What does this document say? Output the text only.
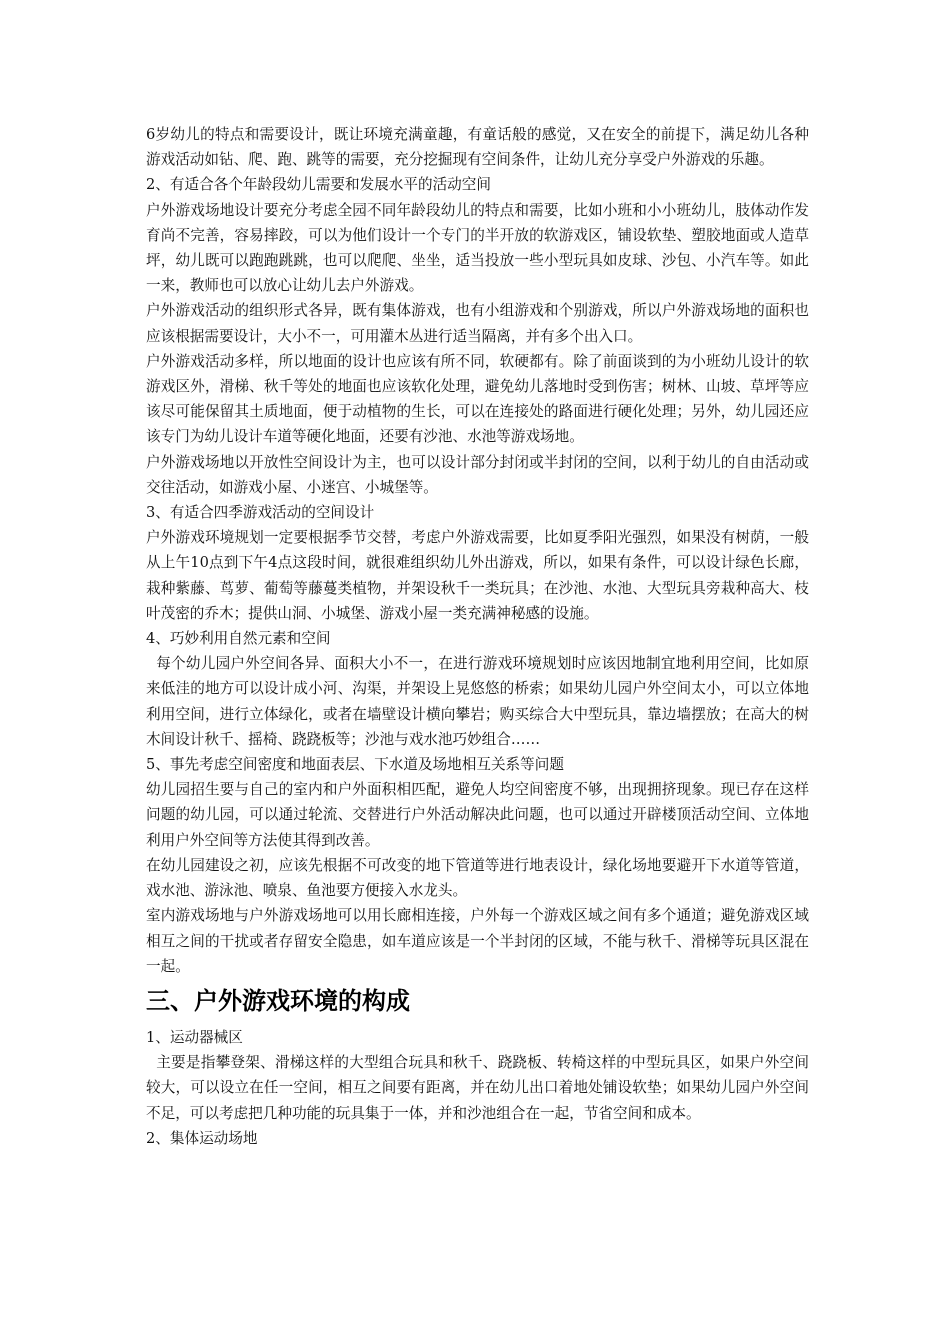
6岁幼儿的特点和需要设计，既让环境充满童趣，有童话般的感觉，又在安全的前提下，满足幼儿各种游戏活动如钻、爬、跑、跳等的需要，充分挖掘现有空间条件，让幼儿充分享受户外游戏的乐趣。

2、有适合各个年龄段幼儿需要和发展水平的活动空间

户外游戏场地设计要充分考虑全园不同年龄段幼儿的特点和需要，比如小班和小小班幼儿，肢体动作发育尚不完善，容易摔跤，可以为他们设计一个专门的半开放的软游戏区，铺设软垫、塑胶地面或人造草坪，幼儿既可以跑跑跳跳，也可以爬爬、坐坐，适当投放一些小型玩具如皮球、沙包、小汽车等。如此一来，教师也可以放心让幼儿去户外游戏。

户外游戏活动的组织形式各异，既有集体游戏，也有小组游戏和个别游戏，所以户外游戏场地的面积也应该根据需要设计，大小不一，可用灌木丛进行适当隔离，并有多个出入口。

户外游戏活动多样，所以地面的设计也应该有所不同，软硬都有。除了前面谈到的为小班幼儿设计的软游戏区外，滑梯、秋千等处的地面也应该软化处理，避免幼儿落地时受到伤害；树林、山坡、草坪等应该尽可能保留其土质地面，便于动植物的生长，可以在连接处的路面进行硬化处理；另外，幼儿园还应该专门为幼儿设计车道等硬化地面，还要有沙池、水池等游戏场地。

户外游戏场地以开放性空间设计为主，也可以设计部分封闭或半封闭的空间，以利于幼儿的自由活动或交往活动，如游戏小屋、小迷宫、小城堡等。

3、有适合四季游戏活动的空间设计

户外游戏环境规划一定要根据季节交替，考虑户外游戏需要，比如夏季阳光强烈，如果没有树荫，一般从上午10点到下午4点这段时间，就很难组织幼儿外出游戏，所以，如果有条件，可以设计绿色长廊，栽种紫藤、茑萝、葡萄等藤蔓类植物，并架设秋千一类玩具；在沙池、水池、大型玩具旁栽种高大、枝叶茂密的乔木；提供山洞、小城堡、游戏小屋一类充满神秘感的设施。

4、巧妙利用自然元素和空间

每个幼儿园户外空间各异、面积大小不一，在进行游戏环境规划时应该因地制宜地利用空间，比如原来低洼的地方可以设计成小河、沟渠，并架设上晃悠悠的桥索；如果幼儿园户外空间太小，可以立体地利用空间，进行立体绿化，或者在墙壁设计横向攀岩；购买综合大中型玩具，靠边墙摆放；在高大的树木间设计秋千、摇椅、跷跷板等；沙池与戏水池巧妙组合……

5、事先考虑空间密度和地面表层、下水道及场地相互关系等问题

幼儿园招生要与自己的室内和户外面积相匹配，避免人均空间密度不够，出现拥挤现象。现已存在这样问题的幼儿园，可以通过轮流、交替进行户外活动解决此问题，也可以通过开辟楼顶活动空间、立体地利用户外空间等方法使其得到改善。

在幼儿园建设之初，应该先根据不可改变的地下管道等进行地表设计，绿化场地要避开下水道等管道，戏水池、游泳池、喷泉、鱼池要方便接入水龙头。

室内游戏场地与户外游戏场地可以用长廊相连接，户外每一个游戏区域之间有多个通道；避免游戏区域相互之间的干扰或者存留安全隐患，如车道应该是一个半封闭的区域，不能与秋千、滑梯等玩具区混在一起。

三、户外游戏环境的构成

1、运动器械区

主要是指攀登架、滑梯这样的大型组合玩具和秋千、跷跷板、转椅这样的中型玩具区，如果户外空间较大，可以设立在任一空间，相互之间要有距离，并在幼儿出口着地处铺设软垫；如果幼儿园户外空间不足，可以考虑把几种功能的玩具集于一体，并和沙池组合在一起，节省空间和成本。

2、集体运动场地
